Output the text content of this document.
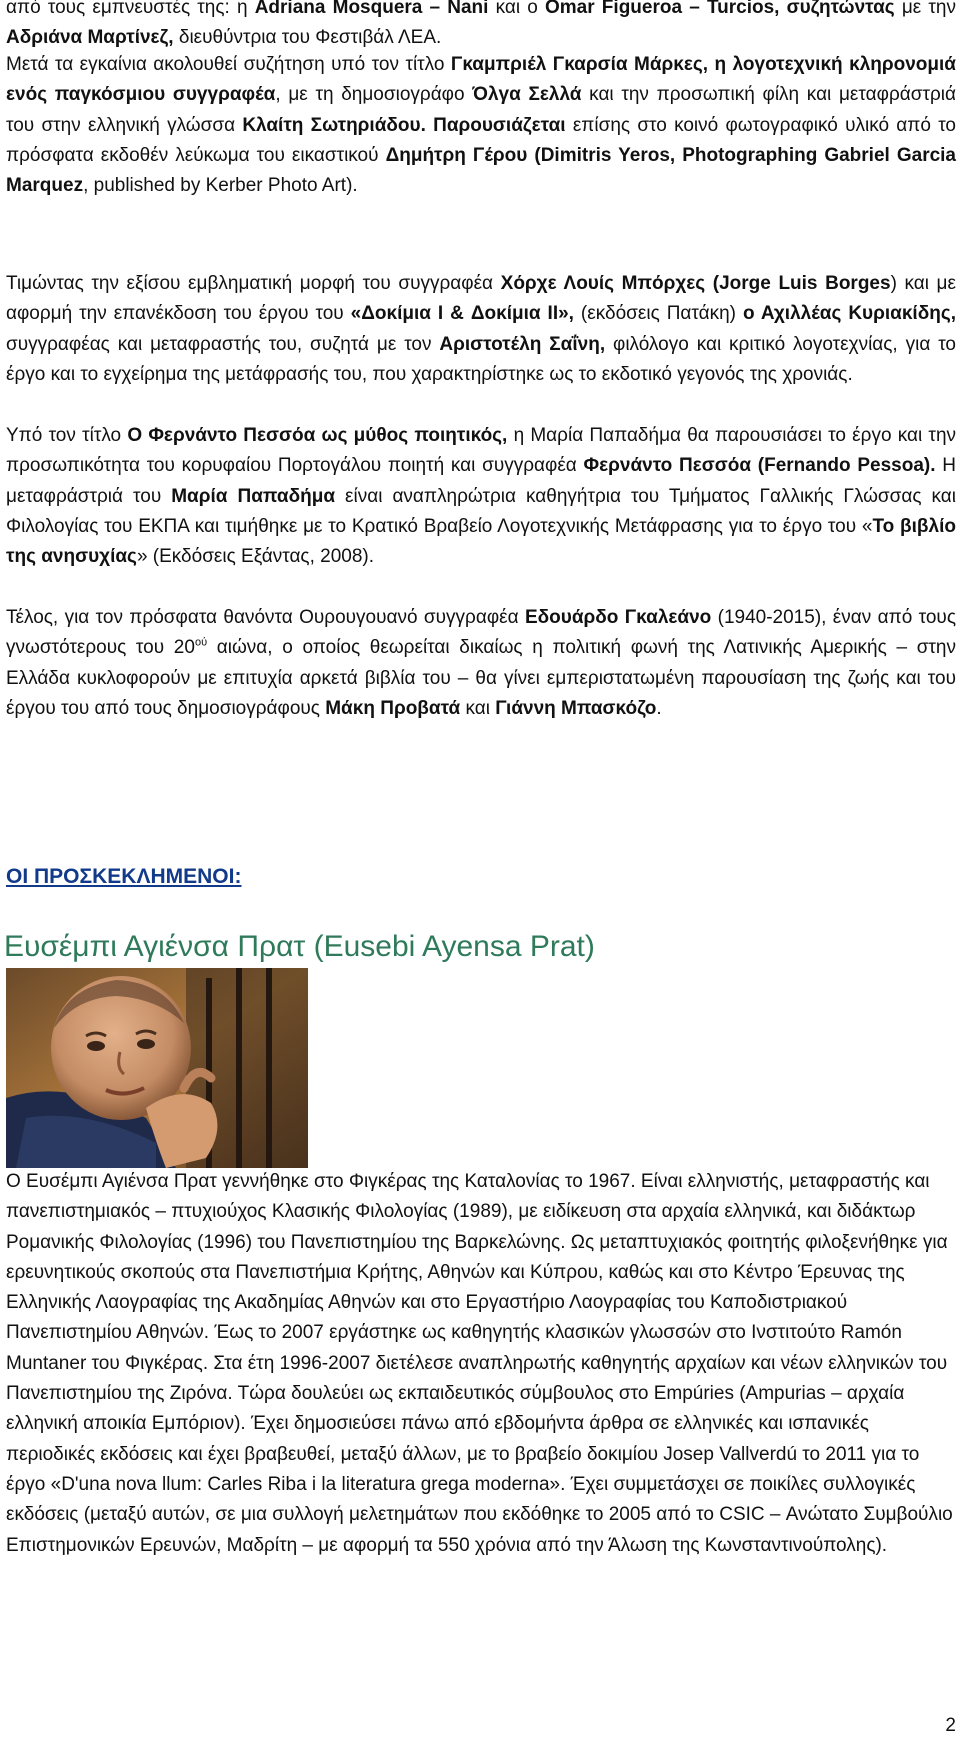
από τους εμπνευστές της: η Adriana Mosquera – Nani και ο Omar Figueroa – Turcios, συζητώντας με την Αδριάνα Μαρτίνεζ, διευθύντρια του Φεστιβάλ ΛΕΑ.

Μετά τα εγκαίνια ακολουθεί συζήτηση υπό τον τίτλο Γκαμπριέλ Γκαρσία Μάρκες, η λογοτεχνική κληρονομιά ενός παγκόσμιου συγγραφέα, με τη δημοσιογράφο Όλγα Σελλά και την προσωπική φίλη και μεταφράστριά του στην ελληνική γλώσσα Κλαίτη Σωτηριάδου. Παρουσιάζεται επίσης στο κοινό φωτογραφικό υλικό από το πρόσφατα εκδοθέν λεύκωμα του εικαστικού Δημήτρη Γέρου (Dimitris Yeros, Photographing Gabriel Garcia Marquez, published by Kerber Photo Art).

Τιμώντας την εξίσου εμβληματική μορφή του συγγραφέα Χόρχε Λουίς Μπόρχες (Jorge Luis Borges) και με αφορμή την επανέκδοση του έργου του «Δοκίμια I & Δοκίμια II», (εκδόσεις Πατάκη) ο Αχιλλέας Κυριακίδης, συγγραφέας και μεταφραστής του, συζητά με τον Αριστοτέλη Σαΐνη, φιλόλογο και κριτικό λογοτεχνίας, για το έργο και το εγχείρημα της μετάφρασής του, που χαρακτηρίστηκε ως το εκδοτικό γεγονός της χρονιάς.

Υπό τον τίτλο Ο Φερνάντο Πεσσόα ως μύθος ποιητικός, η Μαρία Παπαδήμα θα παρουσιάσει το έργο και την προσωπικότητα του κορυφαίου Πορτογάλου ποιητή και συγγραφέα Φερνάντο Πεσσόα (Fernando Pessoa). Η μεταφράστριά του Μαρία Παπαδήμα είναι αναπληρώτρια καθηγήτρια του Τμήματος Γαλλικής Γλώσσας και Φιλολογίας του ΕΚΠΑ και τιμήθηκε με το Κρατικό Βραβείο Λογοτεχνικής Μετάφρασης για το έργο του «Το βιβλίο της ανησυχίας» (Εκδόσεις Εξάντας, 2008).

Τέλος, για τον πρόσφατα θανόντα Ουρουγουανό συγγραφέα Εδουάρδο Γκαλεάνο (1940-2015), έναν από τους γνωστότερους του $20^{oύ}$ αιώνα, ο οποίος θεωρείται δικαίως η πολιτική φωνή της Λατινικής Αμερικής – στην Ελλάδα κυκλοφορούν με επιτυχία αρκετά βιβλία του – θα γίνει εμπεριστατωμένη παρουσίαση της ζωής και του έργου του από τους δημοσιογράφους Μάκη Προβατά και Γιάννη Μπασκόζο.

ΟΙ ΠΡΟΣΚΕΚΛΗΜΕΝΟΙ:
Ευσέμπι Αγιένσα Πρατ (Eusebi Ayensa Prat)

Ο Ευσέμπι Αγιένσα Πρατ γεννήθηκε στο Φιγκέρας της Καταλονίας το 1967. Είναι ελληνιστής, μεταφραστής και πανεπιστημιακός – πτυχιούχος Κλασικής Φιλολογίας (1989), με ειδίκευση στα αρχαία ελληνικά, και διδάκτωρ Ρομανικής Φιλολογίας (1996) του Πανεπιστημίου της Βαρκελώνης. Ως μεταπτυχιακός φοιτητής φιλοξενήθηκε για ερευνητικούς σκοπούς στα Πανεπιστήμια Κρήτης, Αθηνών και Κύπρου, καθώς και στο Κέντρο Έρευνας της Ελληνικής Λαογραφίας της Ακαδημίας Αθηνών και στο Εργαστήριο Λαογραφίας του Καποδιστριακού Πανεπιστημίου Αθηνών. Έως το 2007 εργάστηκε ως καθηγητής κλασικών γλωσσών στο Ινστιτούτο Ramón Muntaner του Φιγκέρας. Στα έτη 1996-2007 διετέλεσε αναπληρωτής καθηγητής αρχαίων και νέων ελληνικών του Πανεπιστημίου της Ζιρόνα. Τώρα δουλεύει ως εκπαιδευτικός σύμβουλος στο Empúries (Ampurias – αρχαία ελληνική αποικία Εμπόριον). Έχει δημοσιεύσει πάνω από εβδομήντα άρθρα σε ελληνικές και ισπανικές περιοδικές εκδόσεις και έχει βραβευθεί, μεταξύ άλλων, με το βραβείο δοκιμίου Josep Vallverdú το 2011 για το έργο «D'una nova llum: Carles Riba i la literatura grega moderna». Έχει συμμετάσχει σε ποικίλες συλλογικές εκδόσεις (μεταξύ αυτών, σε μια συλλογή μελετημάτων που εκδόθηκε το 2005 από το CSIC – Ανώτατο Συμβούλιο Επιστημονικών Ερευνών, Μαδρίτη – με αφορμή τα 550 χρόνια από την Άλωση της Κωνσταντινούπολης).

2
